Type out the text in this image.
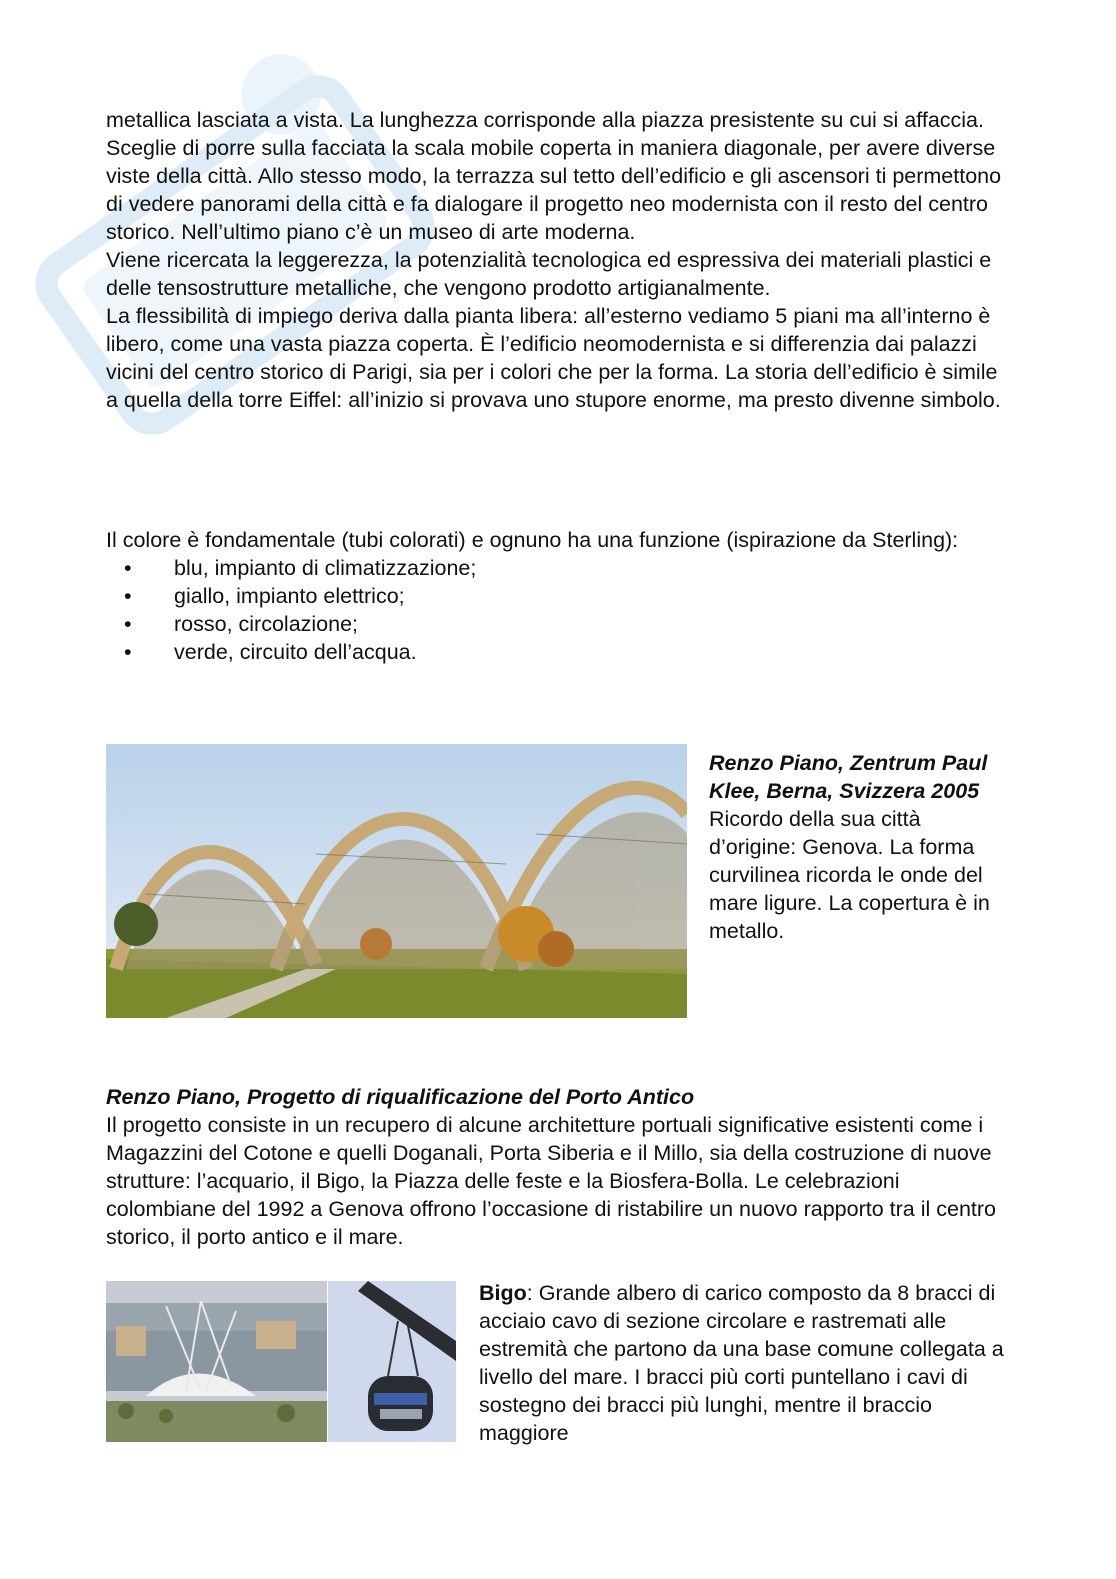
metallica lasciata a vista. La lunghezza corrisponde alla piazza presistente su cui si affaccia.

Sceglie di porre sulla facciata la scala mobile coperta in maniera diagonale, per avere diverse viste della città. Allo stesso modo, la terrazza sul tetto dell’edificio e gli ascensori ti permettono di vedere panorami della città e fa dialogare il progetto neo modernista con il resto del centro storico. Nell’ultimo piano c’è un museo di arte moderna.

Viene ricercata la leggerezza, la potenzialità tecnologica ed espressiva dei materiali plastici e delle tensostrutture metalliche, che vengono prodotto artigianalmente.

La flessibilità di impiego deriva dalla pianta libera: all’esterno vediamo 5 piani ma all’interno è libero, come una vasta piazza coperta. È l’edificio neomodernista e si differenzia dai palazzi vicini del centro storico di Parigi, sia per i colori che per la forma. La storia dell’edificio è simile a quella della torre Eiffel: all’inizio si provava uno stupore enorme, ma presto divenne simbolo.

Il colore è fondamentale (tubi colorati) e ognuno ha una funzione (ispirazione da Sterling):

• blu, impianto di climatizzazione;
• giallo, impianto elettrico;
• rosso, circolazione;
• verde, circuito dell’acqua.

Renzo Piano, Zentrum Paul Klee, Berna, Svizzera 2005

Ricordo della sua città d’origine: Genova. La forma curvilinea ricorda le onde del mare ligure. La copertura è in metallo.

Renzo Piano, Progetto di riqualificazione del Porto Antico

Il progetto consiste in un recupero di alcune architetture portuali significative esistenti come i Magazzini del Cotone e quelli Doganali, Porta Siberia e il Millo, sia della costruzione di nuove strutture: l’acquario, il Bigo, la Piazza delle feste e la Biosfera-Bolla. Le celebrazioni colombiane del 1992 a Genova offrono l’occasione di ristabilire un nuovo rapporto tra il centro storico, il porto antico e il mare.

Bigo: Grande albero di carico composto da 8 bracci di acciaio cavo di sezione circolare e rastremati alle estremità che partono da una base comune collegata a livello del mare. I bracci più corti puntellano i cavi di sostegno dei bracci più lunghi, mentre il braccio maggiore
